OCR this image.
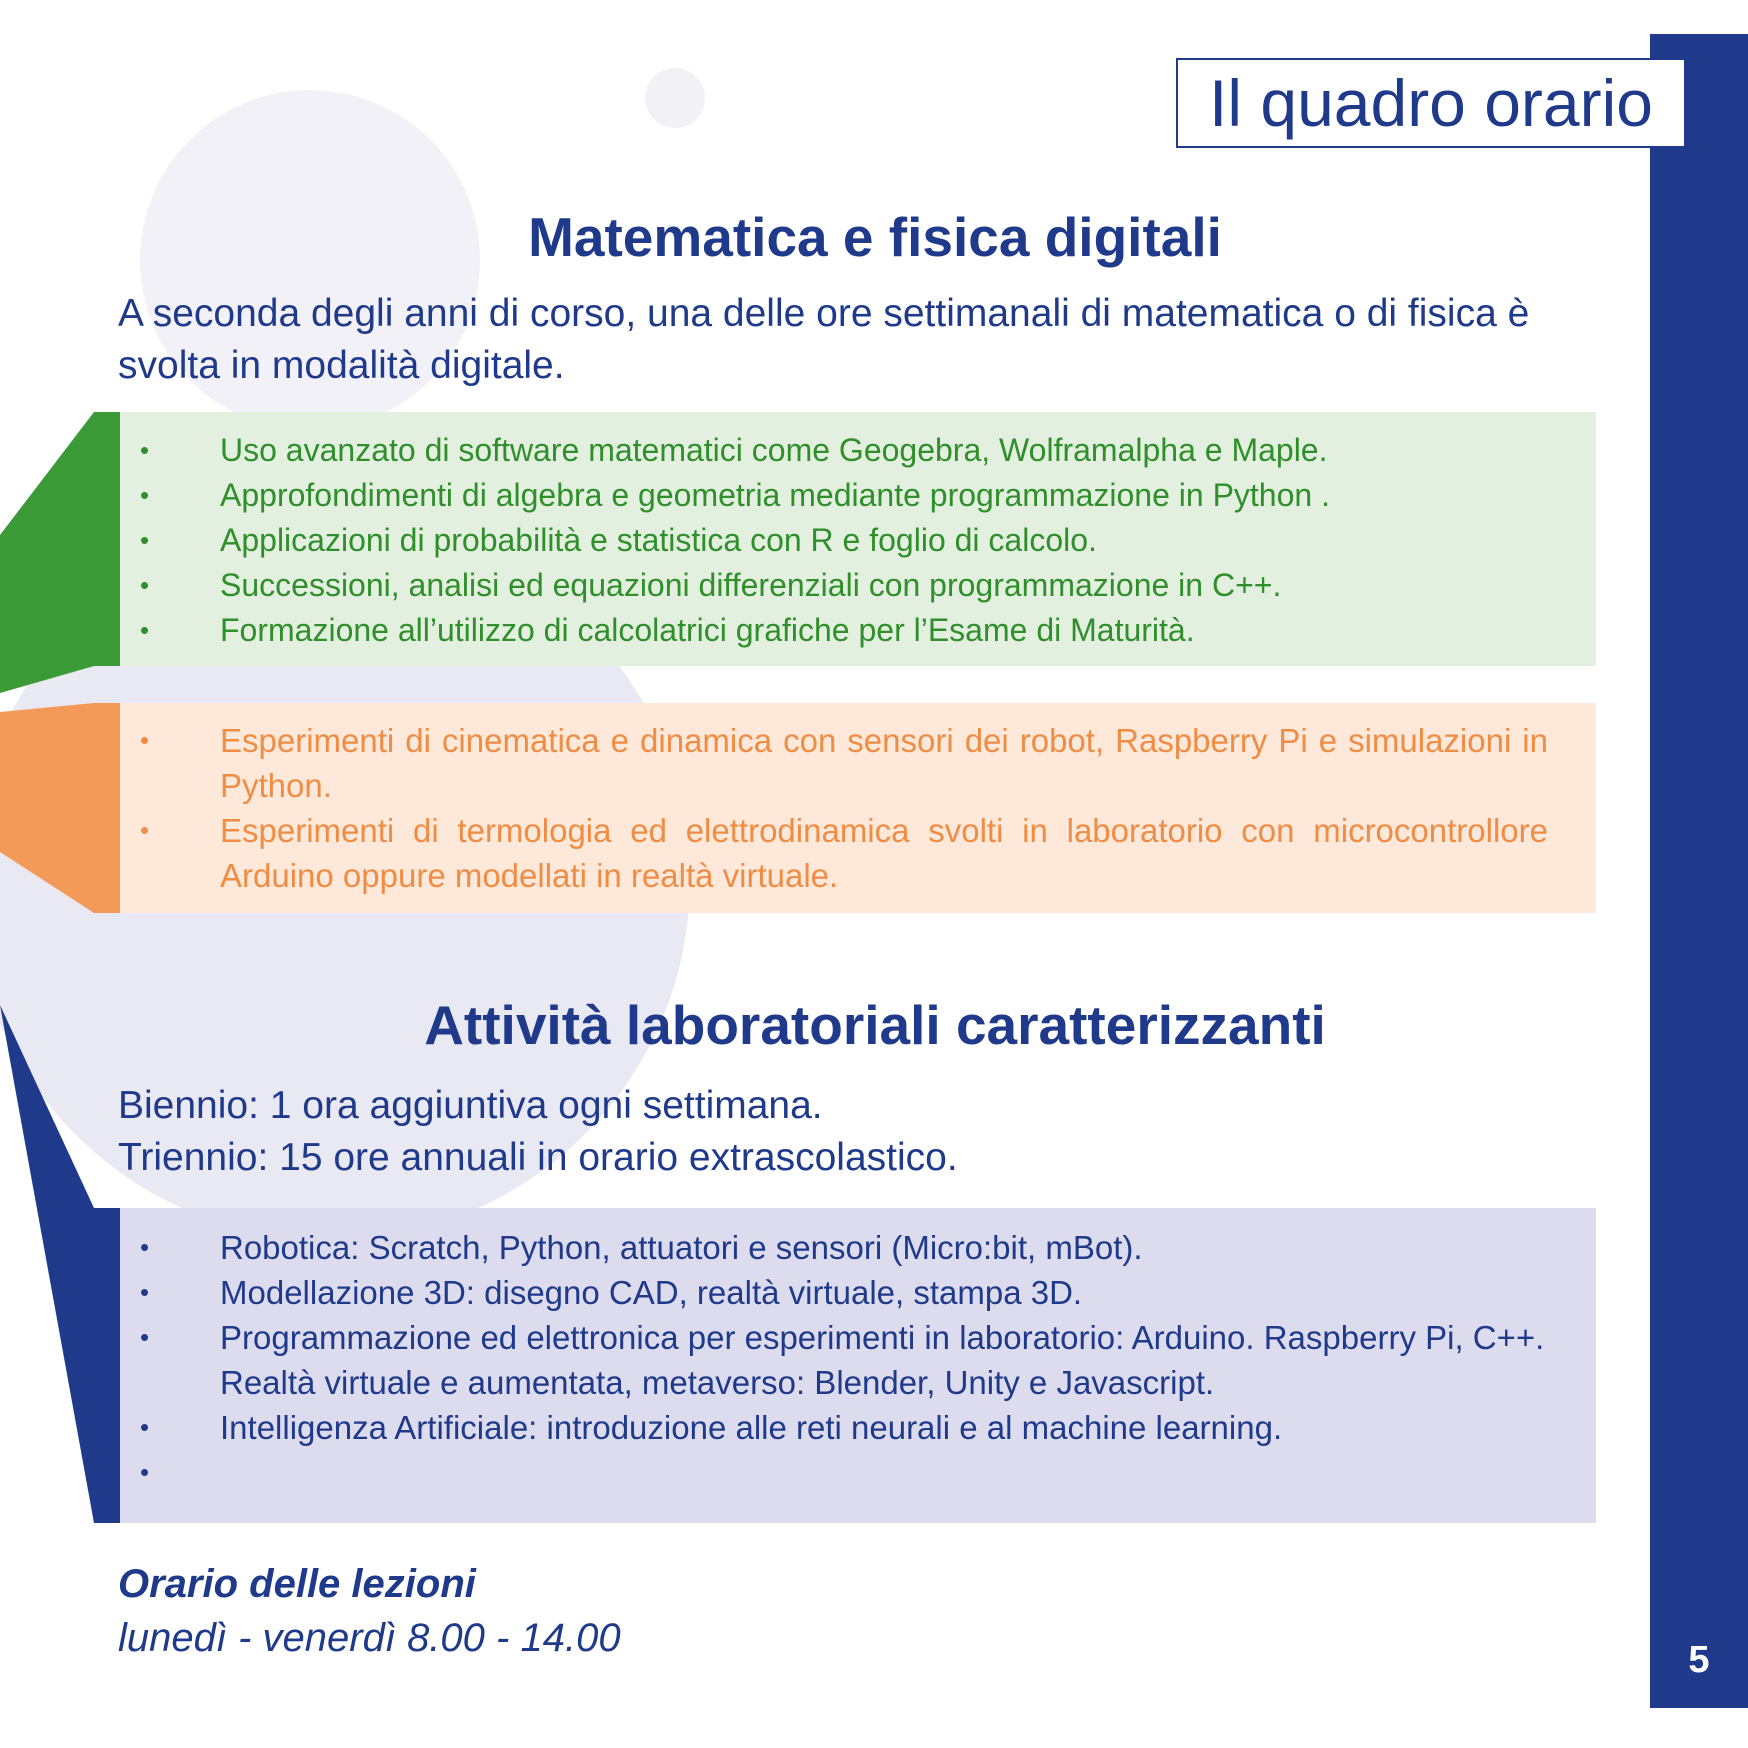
5
Il quadro orario
Matematica e fisica digitali

A seconda degli anni di corso, una delle ore settimanali di matematica o di fisica è svolta in modalità digitale.

Uso avanzato di software matematici come Geogebra, Wolframalpha e Maple.
Approfondimenti di algebra e geometria mediante programmazione in Python .
Applicazioni di probabilità e statistica con R e foglio di calcolo.
Successioni, analisi ed equazioni differenziali con programmazione in C++.
Formazione all’utilizzo di calcolatrici grafiche per l’Esame di Maturità.
•
•
•
•
•
Esperimenti di cinematica e dinamica con sensori dei robot, Raspberry Pi e simulazioni in Python.
Esperimenti di termologia ed elettrodinamica svolti in laboratorio con microcontrollore Arduino oppure modellati in realtà virtuale.
•

•
Attività laboratoriali caratterizzanti
Biennio: 1 ora aggiuntiva ogni settimana.
Triennio: 15 ore annuali in orario extrascolastico.
Robotica: Scratch, Python, attuatori e sensori (Micro:bit, mBot).
Modellazione 3D: disegno CAD, realtà virtuale, stampa 3D.
Programmazione ed elettronica per esperimenti in laboratorio: Arduino. Raspberry Pi, C++.
Realtà virtuale e aumentata, metaverso: Blender, Unity e Javascript.
Intelligenza Artificiale: introduzione alle reti neurali e al machine learning.
•
•
•

•
•

Orario delle lezioni

lunedì - venerdì 8.00 - 14.00
